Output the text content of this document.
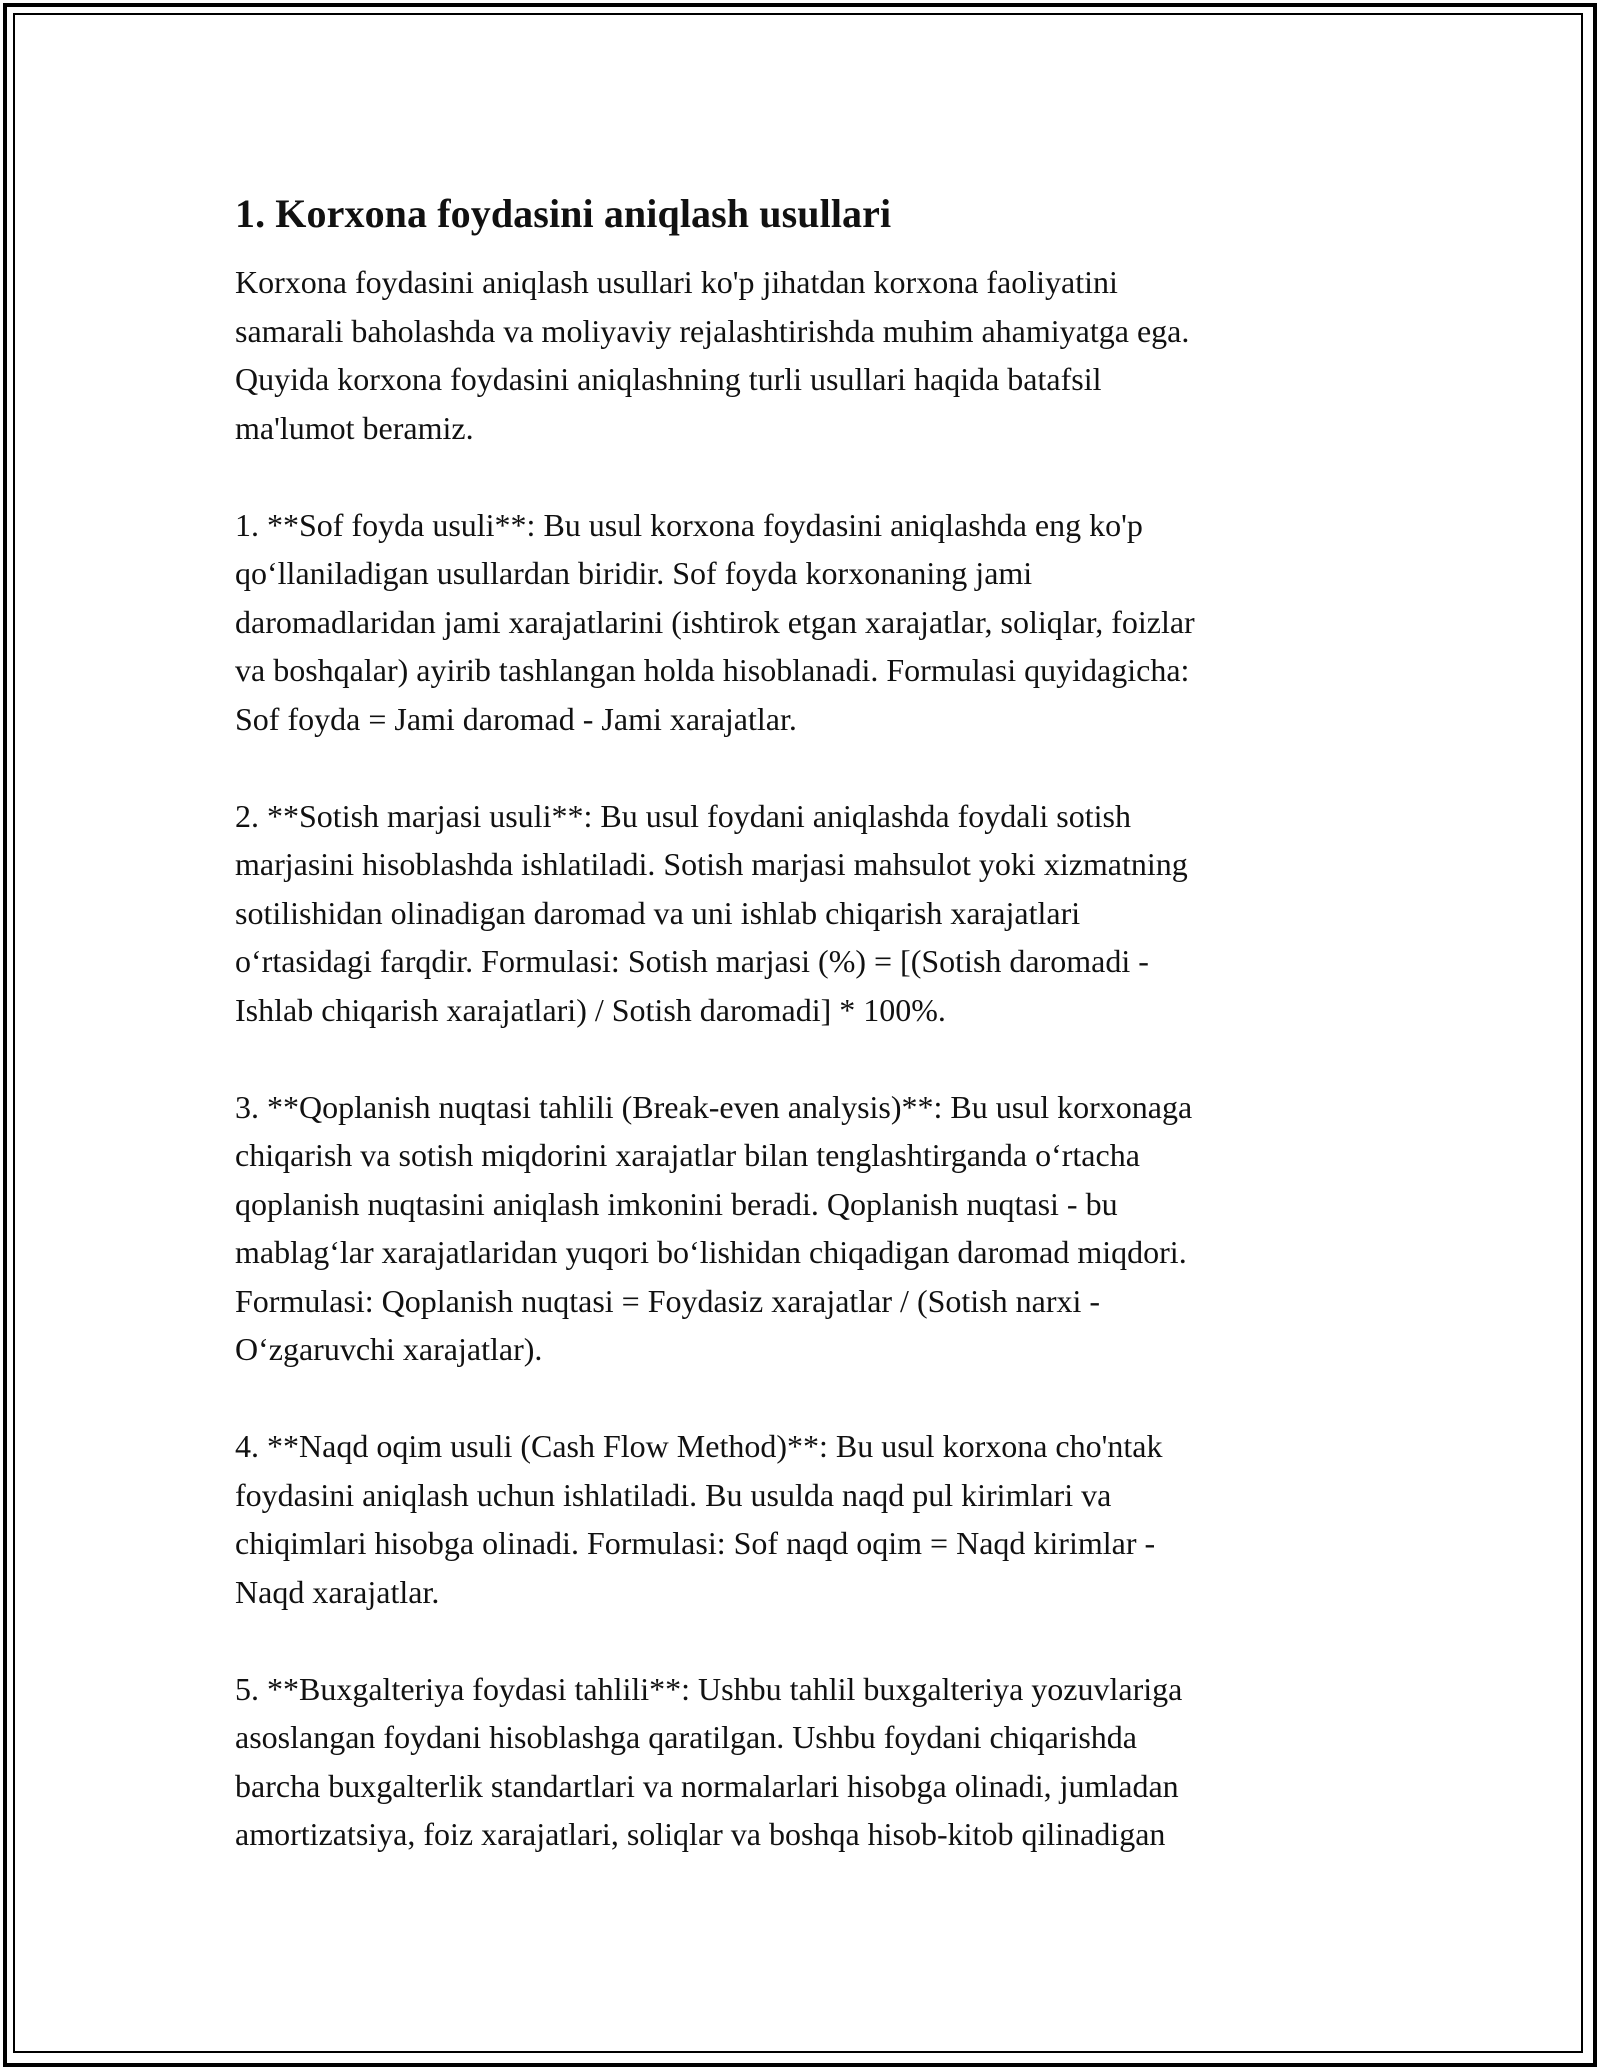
1. Korxona foydasini aniqlash usullari

Korxona foydasini aniqlash usullari ko'p jihatdan korxona faoliyatini
samarali baholashda va moliyaviy rejalashtirishda muhim ahamiyatga ega.
Quyida korxona foydasini aniqlashning turli usullari haqida batafsil
ma'lumot beramiz.

1. **Sof foyda usuli**: Bu usul korxona foydasini aniqlashda eng ko'p
qo‘llaniladigan usullardan biridir. Sof foyda korxonaning jami
daromadlaridan jami xarajatlarini (ishtirok etgan xarajatlar, soliqlar, foizlar
va boshqalar) ayirib tashlangan holda hisoblanadi. Formulasi quyidagicha:
Sof foyda = Jami daromad - Jami xarajatlar.

2. **Sotish marjasi usuli**: Bu usul foydani aniqlashda foydali sotish
marjasini hisoblashda ishlatiladi. Sotish marjasi mahsulot yoki xizmatning
sotilishidan olinadigan daromad va uni ishlab chiqarish xarajatlari
o‘rtasidagi farqdir. Formulasi: Sotish marjasi (%) = [(Sotish daromadi -
Ishlab chiqarish xarajatlari) / Sotish daromadi] * 100%.

3. **Qoplanish nuqtasi tahlili (Break-even analysis)**: Bu usul korxonaga
chiqarish va sotish miqdorini xarajatlar bilan tenglashtirganda o‘rtacha
qoplanish nuqtasini aniqlash imkonini beradi. Qoplanish nuqtasi - bu
mablag‘lar xarajatlaridan yuqori bo‘lishidan chiqadigan daromad miqdori.
Formulasi: Qoplanish nuqtasi = Foydasiz xarajatlar / (Sotish narxi -
O‘zgaruvchi xarajatlar).

4. **Naqd oqim usuli (Cash Flow Method)**: Bu usul korxona cho'ntak
foydasini aniqlash uchun ishlatiladi. Bu usulda naqd pul kirimlari va
chiqimlari hisobga olinadi. Formulasi: Sof naqd oqim = Naqd kirimlar -
Naqd xarajatlar.

5. **Buxgalteriya foydasi tahlili**: Ushbu tahlil buxgalteriya yozuvlariga
asoslangan foydani hisoblashga qaratilgan. Ushbu foydani chiqarishda
barcha buxgalterlik standartlari va normalarlari hisobga olinadi, jumladan
amortizatsiya, foiz xarajatlari, soliqlar va boshqa hisob-kitob qilinadigan
